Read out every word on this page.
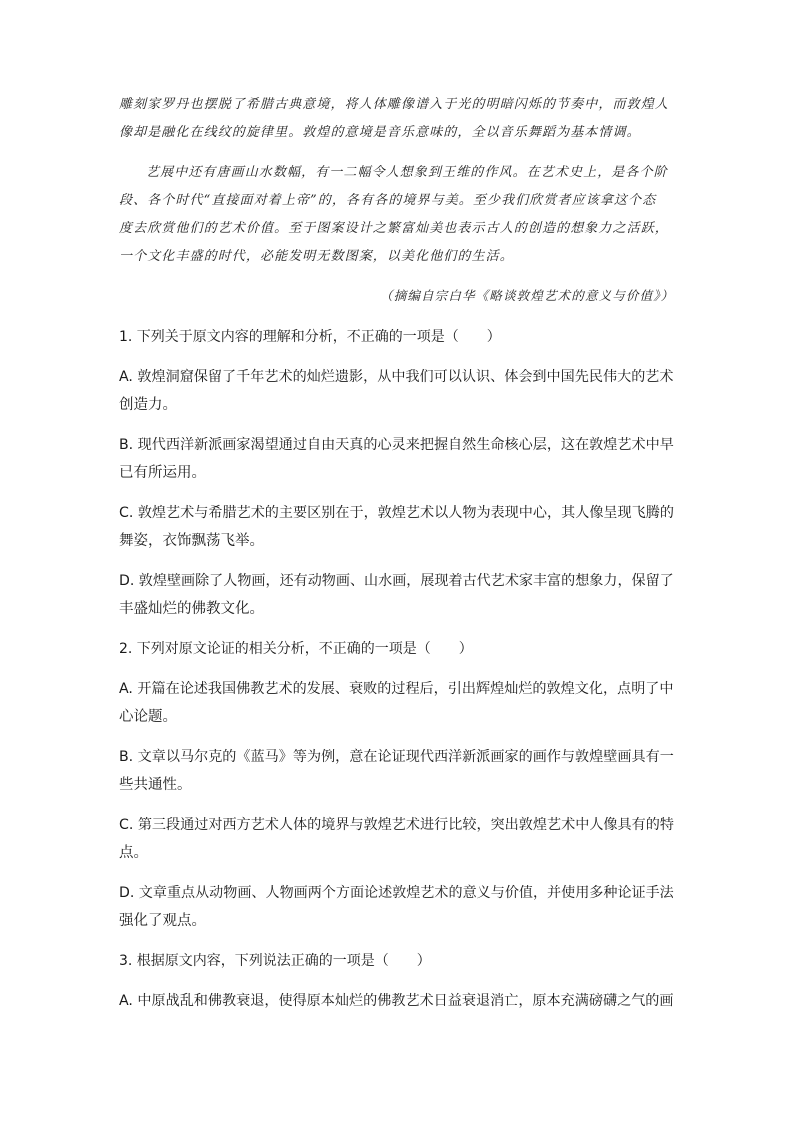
雕刻家罗丹也摆脱了希腊古典意境，将人体雕像谱入于光的明暗闪烁的节奏中，而敦煌人
像却是融化在线纹的旋律里。敦煌的意境是音乐意味的，全以音乐舞蹈为基本情调。
艺展中还有唐画山水数幅，有一二幅令人想象到王维的作风。在艺术史上，是各个阶
段、各个时代“直接面对着上帝”的，各有各的境界与美。至少我们欣赏者应该拿这个态
度去欣赏他们的艺术价值。至于图案设计之繁富灿美也表示古人的创造的想象力之活跃，
一个文化丰盛的时代，必能发明无数图案，以美化他们的生活。
（摘编自宗白华《略谈敦煌艺术的意义与价值》）
1. 下列关于原文内容的理解和分析，不正确的一项是（　　）
A. 敦煌洞窟保留了千年艺术的灿烂遗影，从中我们可以认识、体会到中国先民伟大的艺术
创造力。
B. 现代西洋新派画家渴望通过自由天真的心灵来把握自然生命核心层，这在敦煌艺术中早
已有所运用。
C. 敦煌艺术与希腊艺术的主要区别在于，敦煌艺术以人物为表现中心，其人像呈现飞腾的
舞姿，衣饰飘荡飞举。
D. 敦煌壁画除了人物画，还有动物画、山水画，展现着古代艺术家丰富的想象力，保留了
丰盛灿烂的佛教文化。
2. 下列对原文论证的相关分析，不正确的一项是（　　）
A. 开篇在论述我国佛教艺术的发展、衰败的过程后，引出辉煌灿烂的敦煌文化，点明了中
心论题。
B. 文章以马尔克的《蓝马》等为例，意在论证现代西洋新派画家的画作与敦煌壁画具有一
些共通性。
C. 第三段通过对西方艺术人体的境界与敦煌艺术进行比较，突出敦煌艺术中人像具有的特
点。
D. 文章重点从动物画、人物画两个方面论述敦煌艺术的意义与价值，并使用多种论证手法
强化了观点。
3. 根据原文内容，下列说法正确的一项是（　　）
A. 中原战乱和佛教衰退，使得原本灿烂的佛教艺术日益衰退消亡，原本充满磅礴之气的画
